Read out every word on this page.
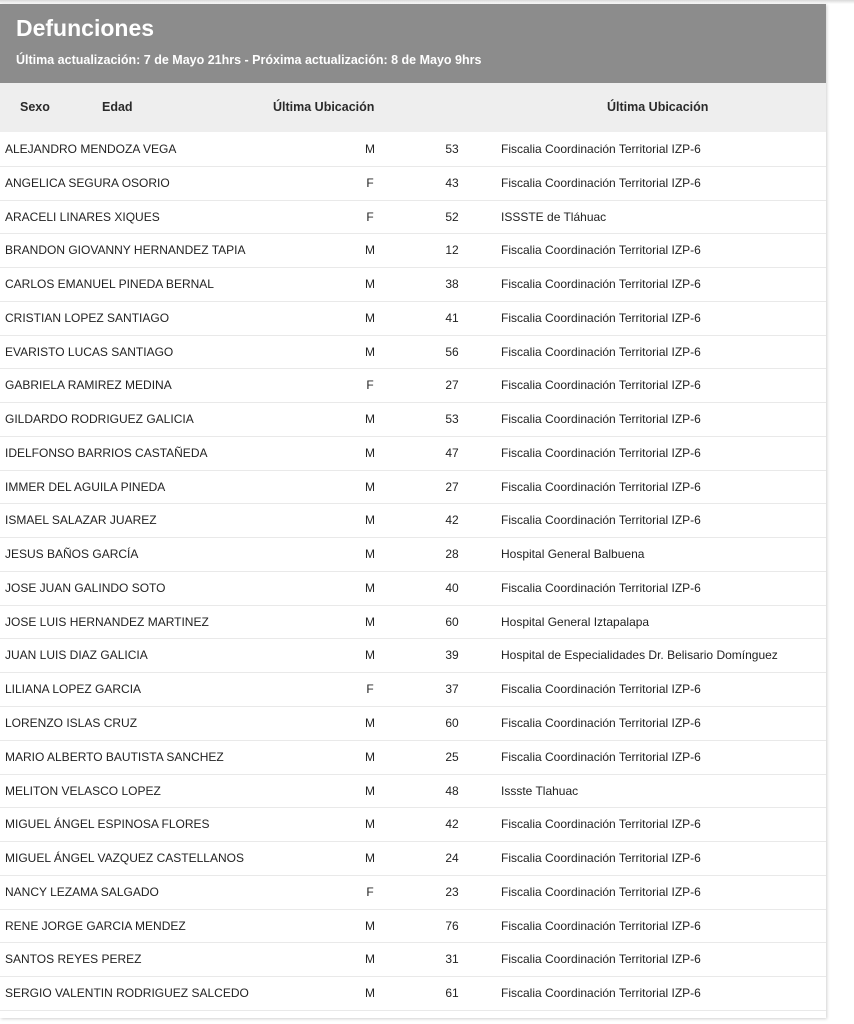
Defunciones
Última actualización: 7 de Mayo 21hrs - Próxima actualización: 8 de Mayo 9hrs
Sexo	Edad	Última Ubicación	Última Ubicación
ALEJANDRO MENDOZA VEGA	M	53	Fiscalia Coordinación Territorial IZP-6
ANGELICA SEGURA OSORIO	F	43	Fiscalia Coordinación Territorial IZP-6
ARACELI LINARES XIQUES	F	52	ISSSTE de Tláhuac
BRANDON GIOVANNY HERNANDEZ TAPIA	M	12	Fiscalia Coordinación Territorial IZP-6
CARLOS EMANUEL PINEDA BERNAL	M	38	Fiscalia Coordinación Territorial IZP-6
CRISTIAN LOPEZ SANTIAGO	M	41	Fiscalia Coordinación Territorial IZP-6
EVARISTO LUCAS SANTIAGO	M	56	Fiscalia Coordinación Territorial IZP-6
GABRIELA RAMIREZ MEDINA	F	27	Fiscalia Coordinación Territorial IZP-6
GILDARDO RODRIGUEZ GALICIA	M	53	Fiscalia Coordinación Territorial IZP-6
IDELFONSO BARRIOS CASTAÑEDA	M	47	Fiscalia Coordinación Territorial IZP-6
IMMER DEL AGUILA PINEDA	M	27	Fiscalia Coordinación Territorial IZP-6
ISMAEL SALAZAR JUAREZ	M	42	Fiscalia Coordinación Territorial IZP-6
JESUS BAÑOS GARCÍA	M	28	Hospital General Balbuena
JOSE JUAN GALINDO SOTO	M	40	Fiscalia Coordinación Territorial IZP-6
JOSE LUIS HERNANDEZ MARTINEZ	M	60	Hospital General Iztapalapa
JUAN LUIS DIAZ GALICIA	M	39	Hospital de Especialidades Dr. Belisario Domínguez
LILIANA LOPEZ GARCIA	F	37	Fiscalia Coordinación Territorial IZP-6
LORENZO ISLAS CRUZ	M	60	Fiscalia Coordinación Territorial IZP-6
MARIO ALBERTO BAUTISTA SANCHEZ	M	25	Fiscalia Coordinación Territorial IZP-6
MELITON VELASCO LOPEZ	M	48	Issste Tlahuac
MIGUEL ÁNGEL ESPINOSA FLORES	M	42	Fiscalia Coordinación Territorial IZP-6
MIGUEL ÁNGEL VAZQUEZ CASTELLANOS	M	24	Fiscalia Coordinación Territorial IZP-6
NANCY LEZAMA SALGADO	F	23	Fiscalia Coordinación Territorial IZP-6
RENE JORGE GARCIA MENDEZ	M	76	Fiscalia Coordinación Territorial IZP-6
SANTOS REYES PEREZ	M	31	Fiscalia Coordinación Territorial IZP-6
SERGIO VALENTIN RODRIGUEZ SALCEDO	M	61	Fiscalia Coordinación Territorial IZP-6
